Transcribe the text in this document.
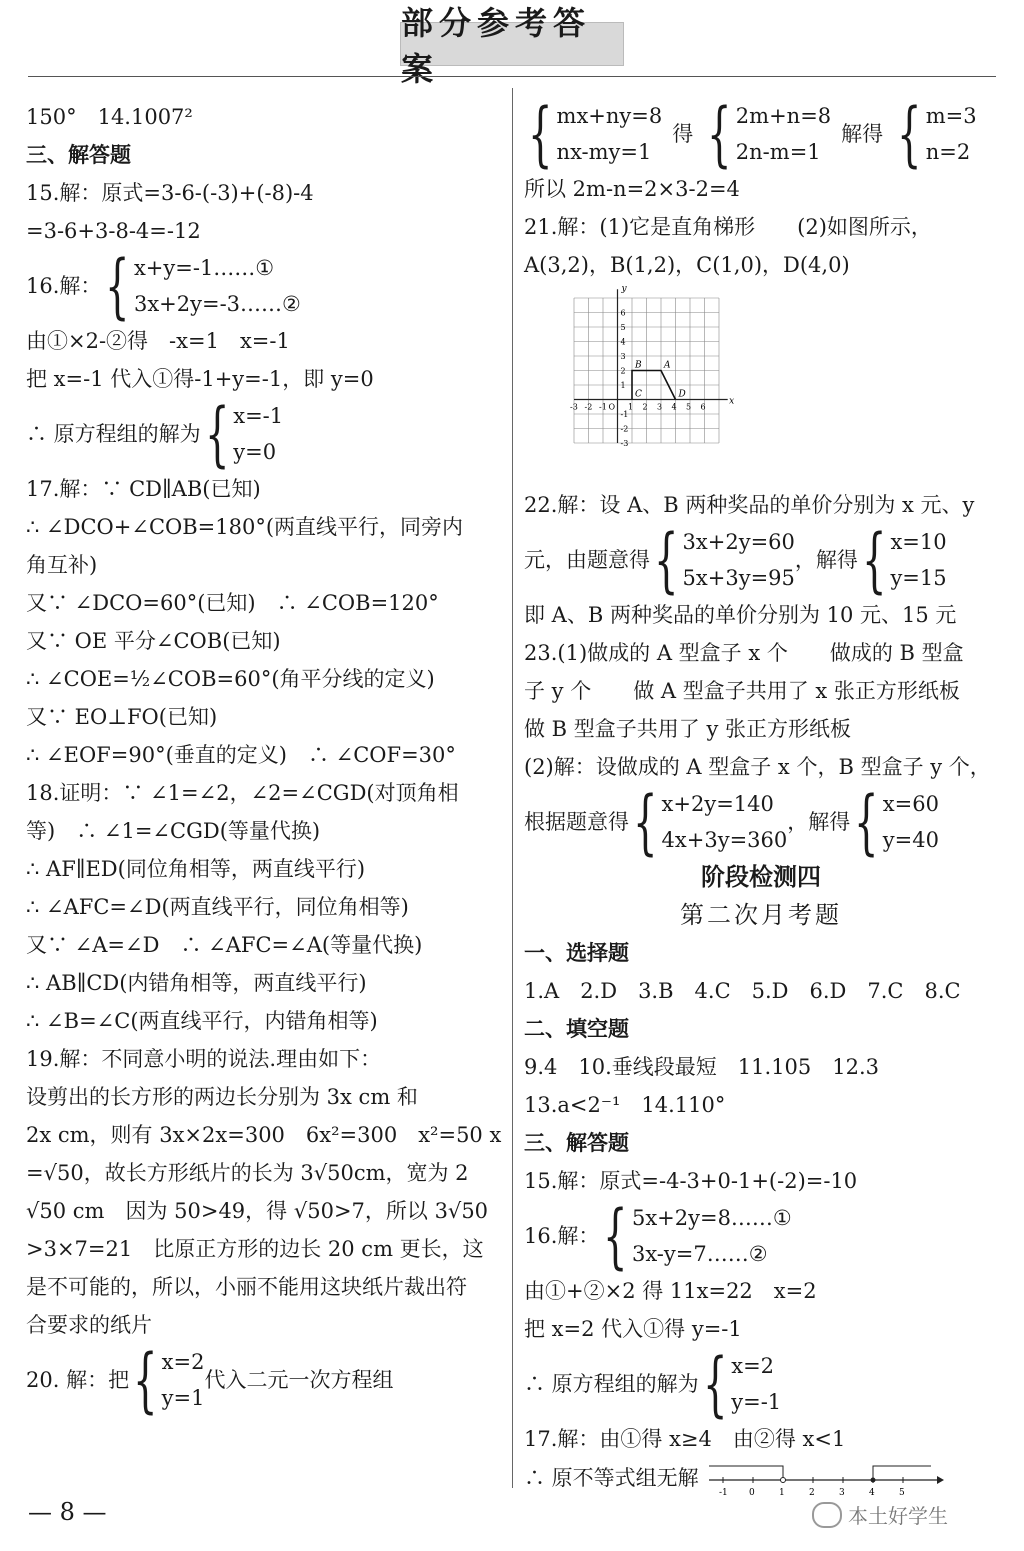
部分参考答案
150°　14.1007²
三、解答题
15.解：原式=3-6-(-3)+(-8)-4
=3-6+3-8-4=-12
16.解： { x+y=-1……①
3x+2y=-3……②
由①×2-②得　-x=1　x=-1
把 x=-1 代入①得-1+y=-1，即 y=0
∴ 原方程组的解为 { x=-1
y=0
17.解：∵ CD∥AB(已知)
∴ ∠DCO+∠COB=180°(两直线平行，同旁内
角互补)
又∵ ∠DCO=60°(已知)　∴ ∠COB=120°
又∵ OE 平分∠COB(已知)
∴ ∠COE=½∠COB=60°(角平分线的定义)
又∵ EO⊥FO(已知)
∴ ∠EOF=90°(垂直的定义)　∴ ∠COF=30°
18.证明：∵ ∠1=∠2，∠2=∠CGD(对顶角相
等)　∴ ∠1=∠CGD(等量代换)
∴ AF∥ED(同位角相等，两直线平行)
∴ ∠AFC=∠D(两直线平行，同位角相等)
又∵ ∠A=∠D　∴ ∠AFC=∠A(等量代换)
∴ AB∥CD(内错角相等，两直线平行)
∴ ∠B=∠C(两直线平行，内错角相等)
19.解：不同意小明的说法.理由如下：
设剪出的长方形的两边长分别为 3x cm 和
2x cm，则有 3x×2x=300　6x²=300　x²=50 x
=√50，故长方形纸片的长为 3√50cm，宽为 2
√50 cm　因为 50>49，得 √50>7，所以 3√50
>3×7=21　比原正方形的边长 20 cm 更长，这
是不可能的，所以，小丽不能用这块纸片裁出符
合要求的纸片
20. 解：把 { x=2
y=1
代入二元一次方程组
{ mx+ny=8
nx-my=1
得 { 2m+n=8
2n-m=1
解得 { m=3
n=2
所以 2m-n=2×3-2=4
21.解：(1)它是直角梯形　　(2)如图所示，
A(3,2)，B(1,2)，C(1,0)，D(4,0)
A
B
C	D
-3 -2 -1	1 2 3 4 5 6
-3
-2
-1
1
2
3
4
5
6
x
y
O
22.解：设 A、B 两种奖品的单价分别为 x 元、y
元，由题意得 { 3x+2y=60
5x+3y=95
，解得 { x=10
y=15
即 A、B 两种奖品的单价分别为 10 元、15 元
23.(1)做成的 A 型盒子 x 个　　做成的 B 型盒
子 y 个　　做 A 型盒子共用了 x 张正方形纸板
做 B 型盒子共用了 y 张正方形纸板
(2)解：设做成的 A 型盒子 x 个，B 型盒子 y 个，
根据题意得 { x+2y=140
4x+3y=360
，解得 { x=60
y=40
阶段检测四
第二次月考题
一、选择题
1.A　2.D　3.B　4.C　5.D　6.D　7.C　8.C
二、填空题
9.4　10.垂线段最短　11.105　12.3
13.a<2⁻¹　14.110°
三、解答题
15.解：原式=-4-3+0-1+(-2)=-10
16.解： { 5x+2y=8……①
3x-y=7……②
由①+②×2 得 11x=22　x=2
把 x=2 代入①得 y=-1
∴ 原方程组的解为 { x=2
y=-1
17.解：由①得 x≥4　由②得 x<1
∴ 原不等式组无解
-1 0	1	2	3	4	5
— 8 —	本土好学生
